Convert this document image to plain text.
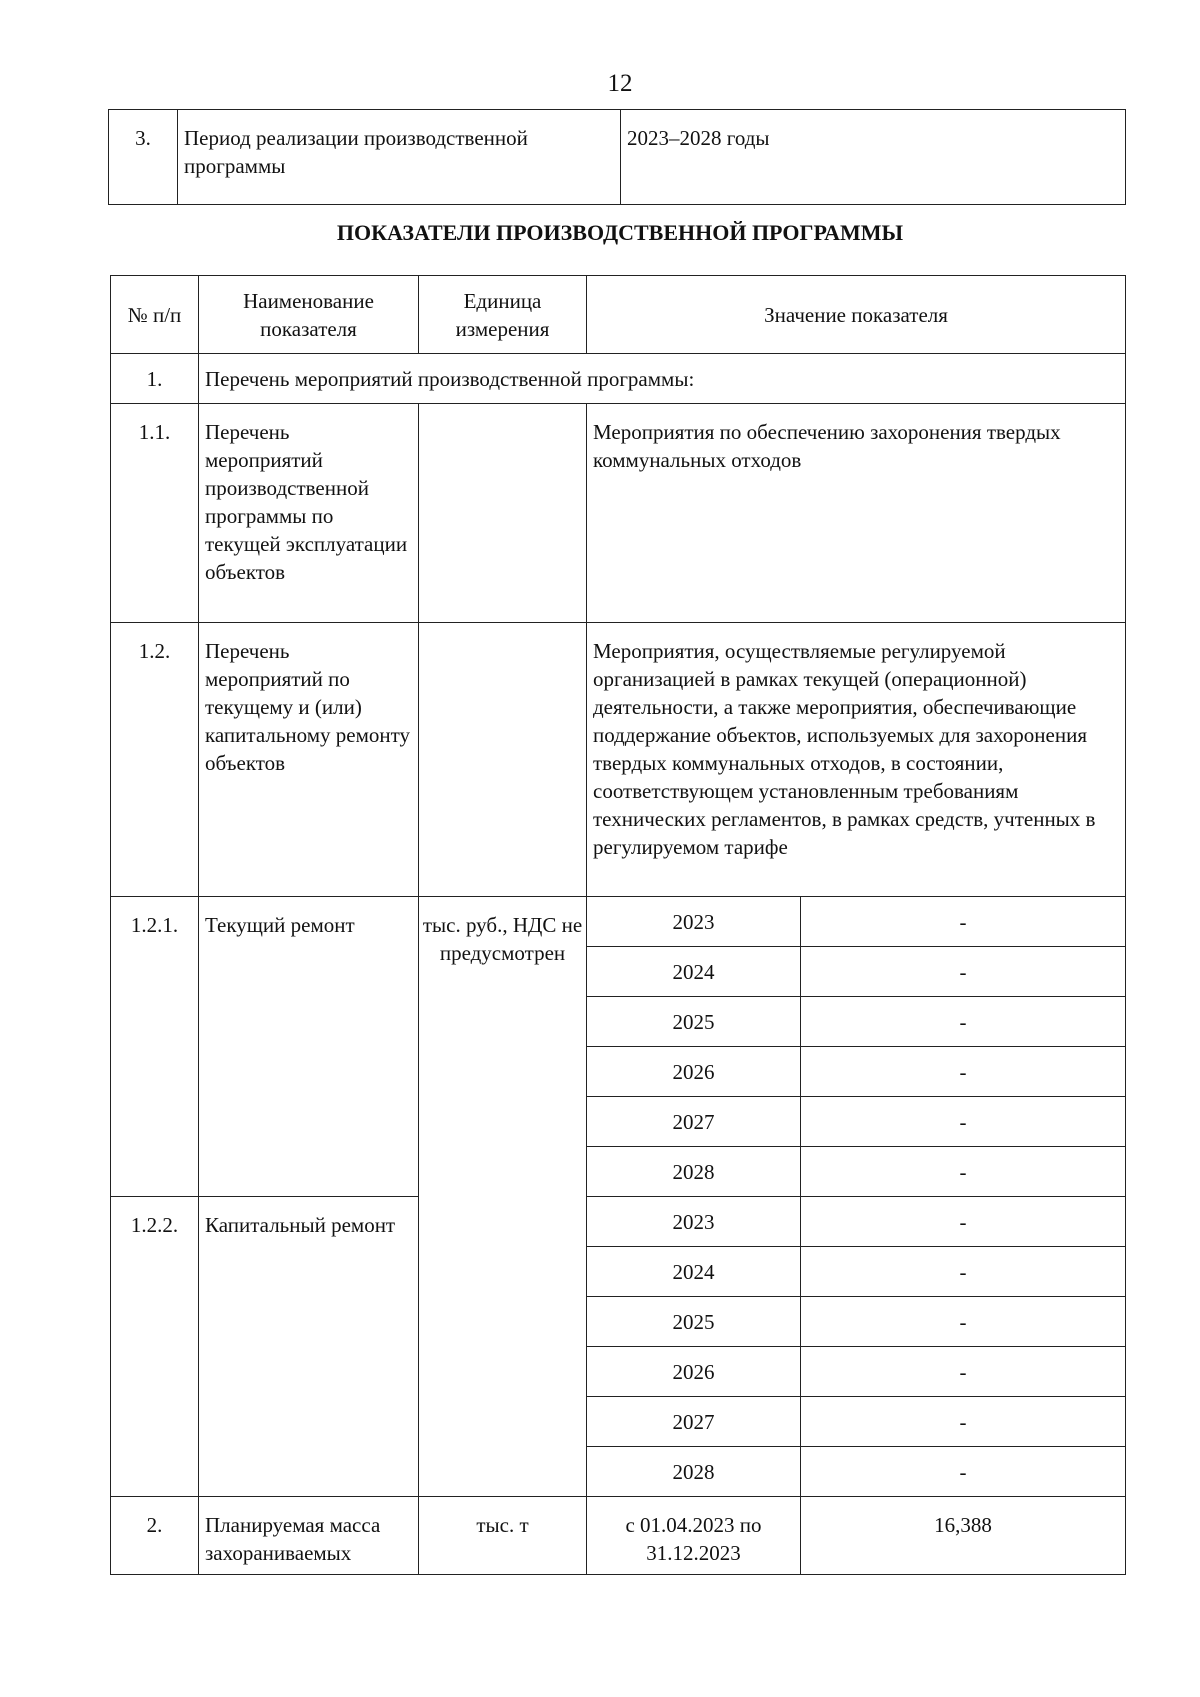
12
3.	Период реализации производственной программы	2023–2028 годы
ПОКАЗАТЕЛИ ПРОИЗВОДСТВЕННОЙ ПРОГРАММЫ
№ п/п	Наименование показателя	Единица измерения	Значение показателя	
1.	Перечень мероприятий производственной программы:			
1.1.	Перечень мероприятий производственной программы по текущей эксплуатации объектов		Мероприятия по обеспечению захоронения твердых коммунальных отходов	
1.2.	Перечень мероприятий по текущему и (или) капитальному ремонту объектов		Мероприятия, осуществляемые регулируемой организацией в рамках текущей (операционной) деятельности, а также мероприятия, обеспечивающие поддержание объектов, используемых для захоронения твердых коммунальных отходов, в состоянии, соответствующем установленным требованиям технических регламентов, в рамках средств, учтенных в регулируемом тарифе	
1.2.1.	Текущий ремонт	тыс. руб., НДС не предусмотрен	2023	-
			2024	-
			2025	-
			2026	-
			2027	-
			2028	-
1.2.2.	Капитальный ремонт		2023	-
			2024	-
			2025	-
			2026	-
			2027	-
			2028	-
2.	Планируемая масса захораниваемых	тыс. т	с 01.04.2023 по 31.12.2023	16,388
